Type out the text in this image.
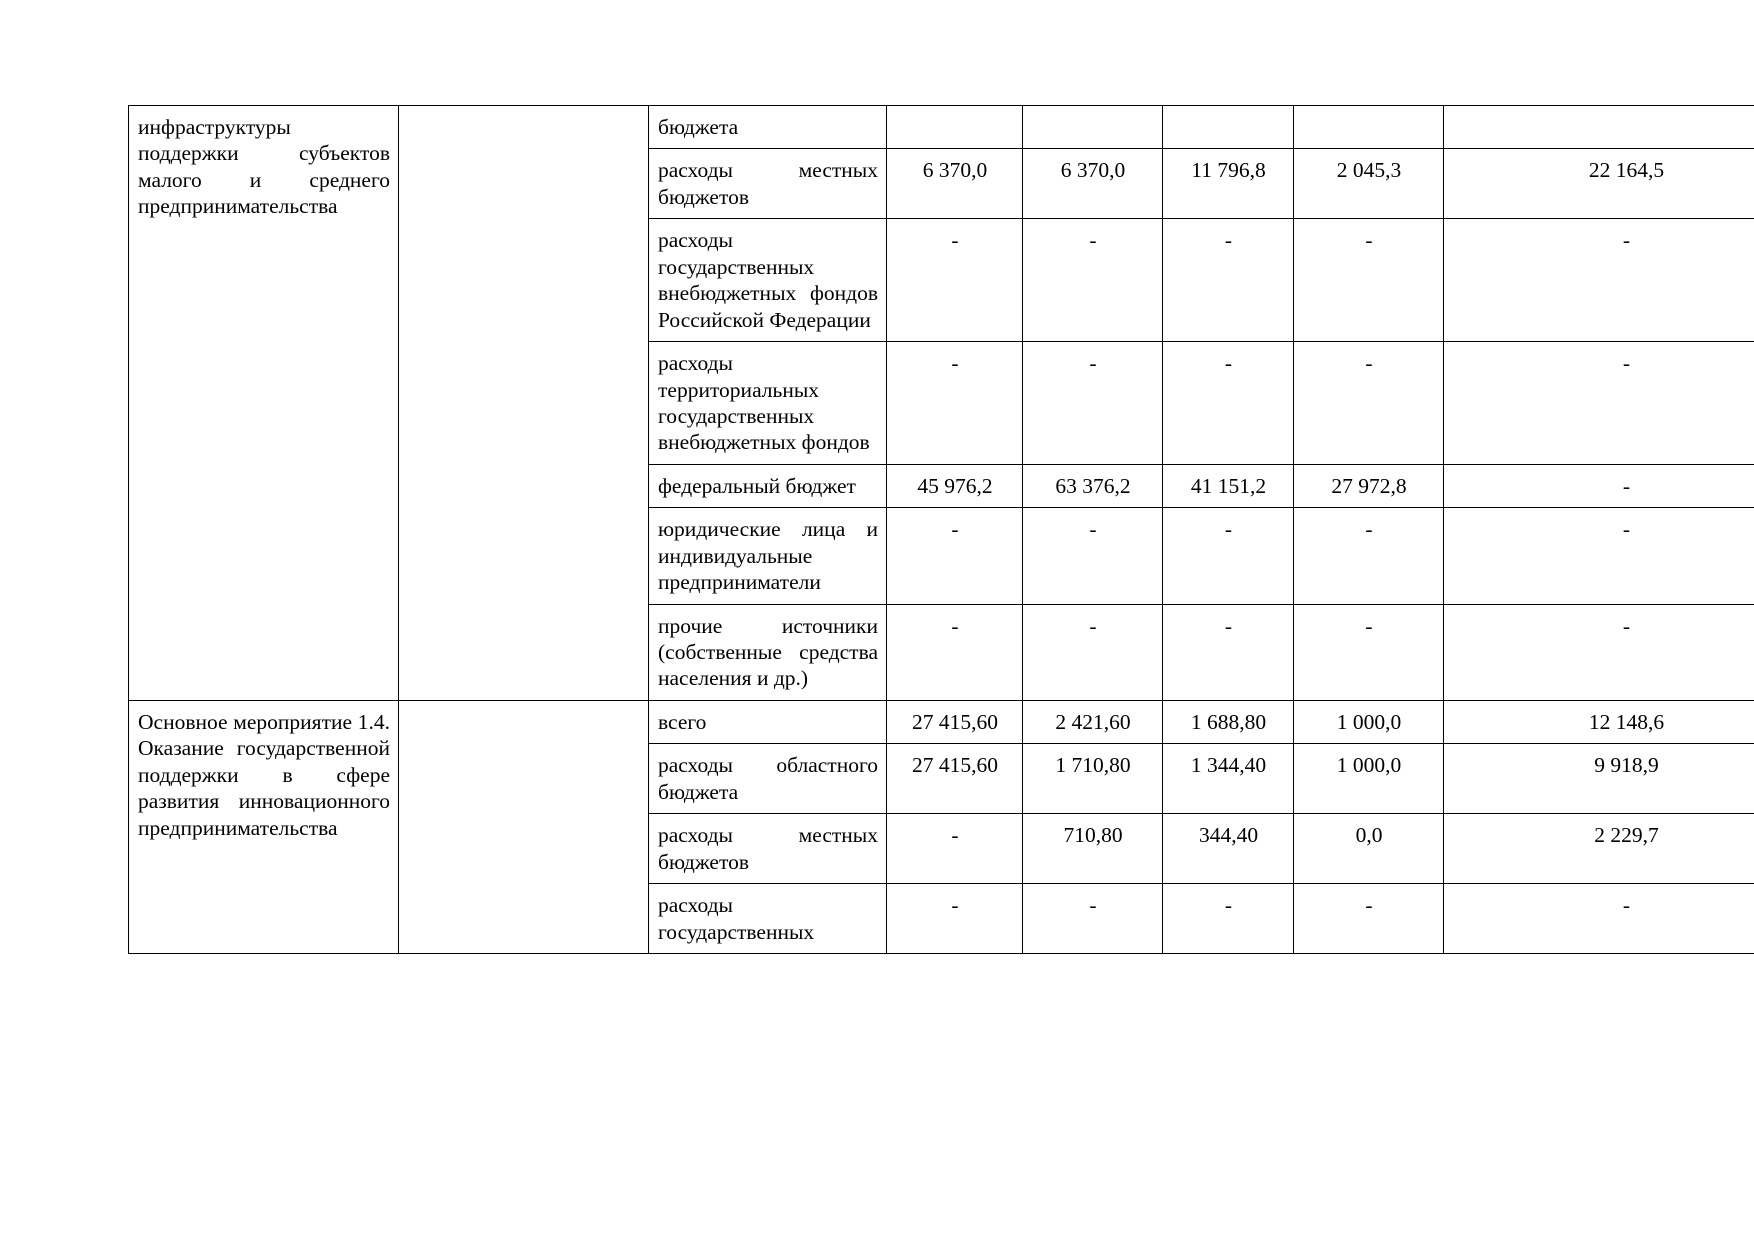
инфраструктуры поддержки субъектов малого и среднего предпринимательства		бюджета					

		расходы местных бюджетов	6 370,0	6 370,0	11 796,8	2 045,3	22 164,5

		расходы государственных внебюджетных фондов Российской Федерации	-	-	-	-	-

		расходы территориальных государственных внебюджетных фондов	-	-	-	-	-

		федеральный бюджет	45 976,2	63 376,2	41 151,2	27 972,8	-

		юридические лица и индивидуальные предприниматели	-	-	-	-	-

		прочие источники (собственные средства населения и др.)	-	-	-	-	-

Основное мероприятие 1.4. Оказание государственной поддержки в сфере развития инновационного предпринимательства		всего	27 415,60	2 421,60	1 688,80	1 000,0	12 148,6

		расходы областного бюджета	27 415,60	1 710,80	1 344,40	1 000,0	9 918,9

		расходы местных бюджетов	-	710,80	344,40	0,0	2 229,7

		расходы государственных	-	-	-	-	-
